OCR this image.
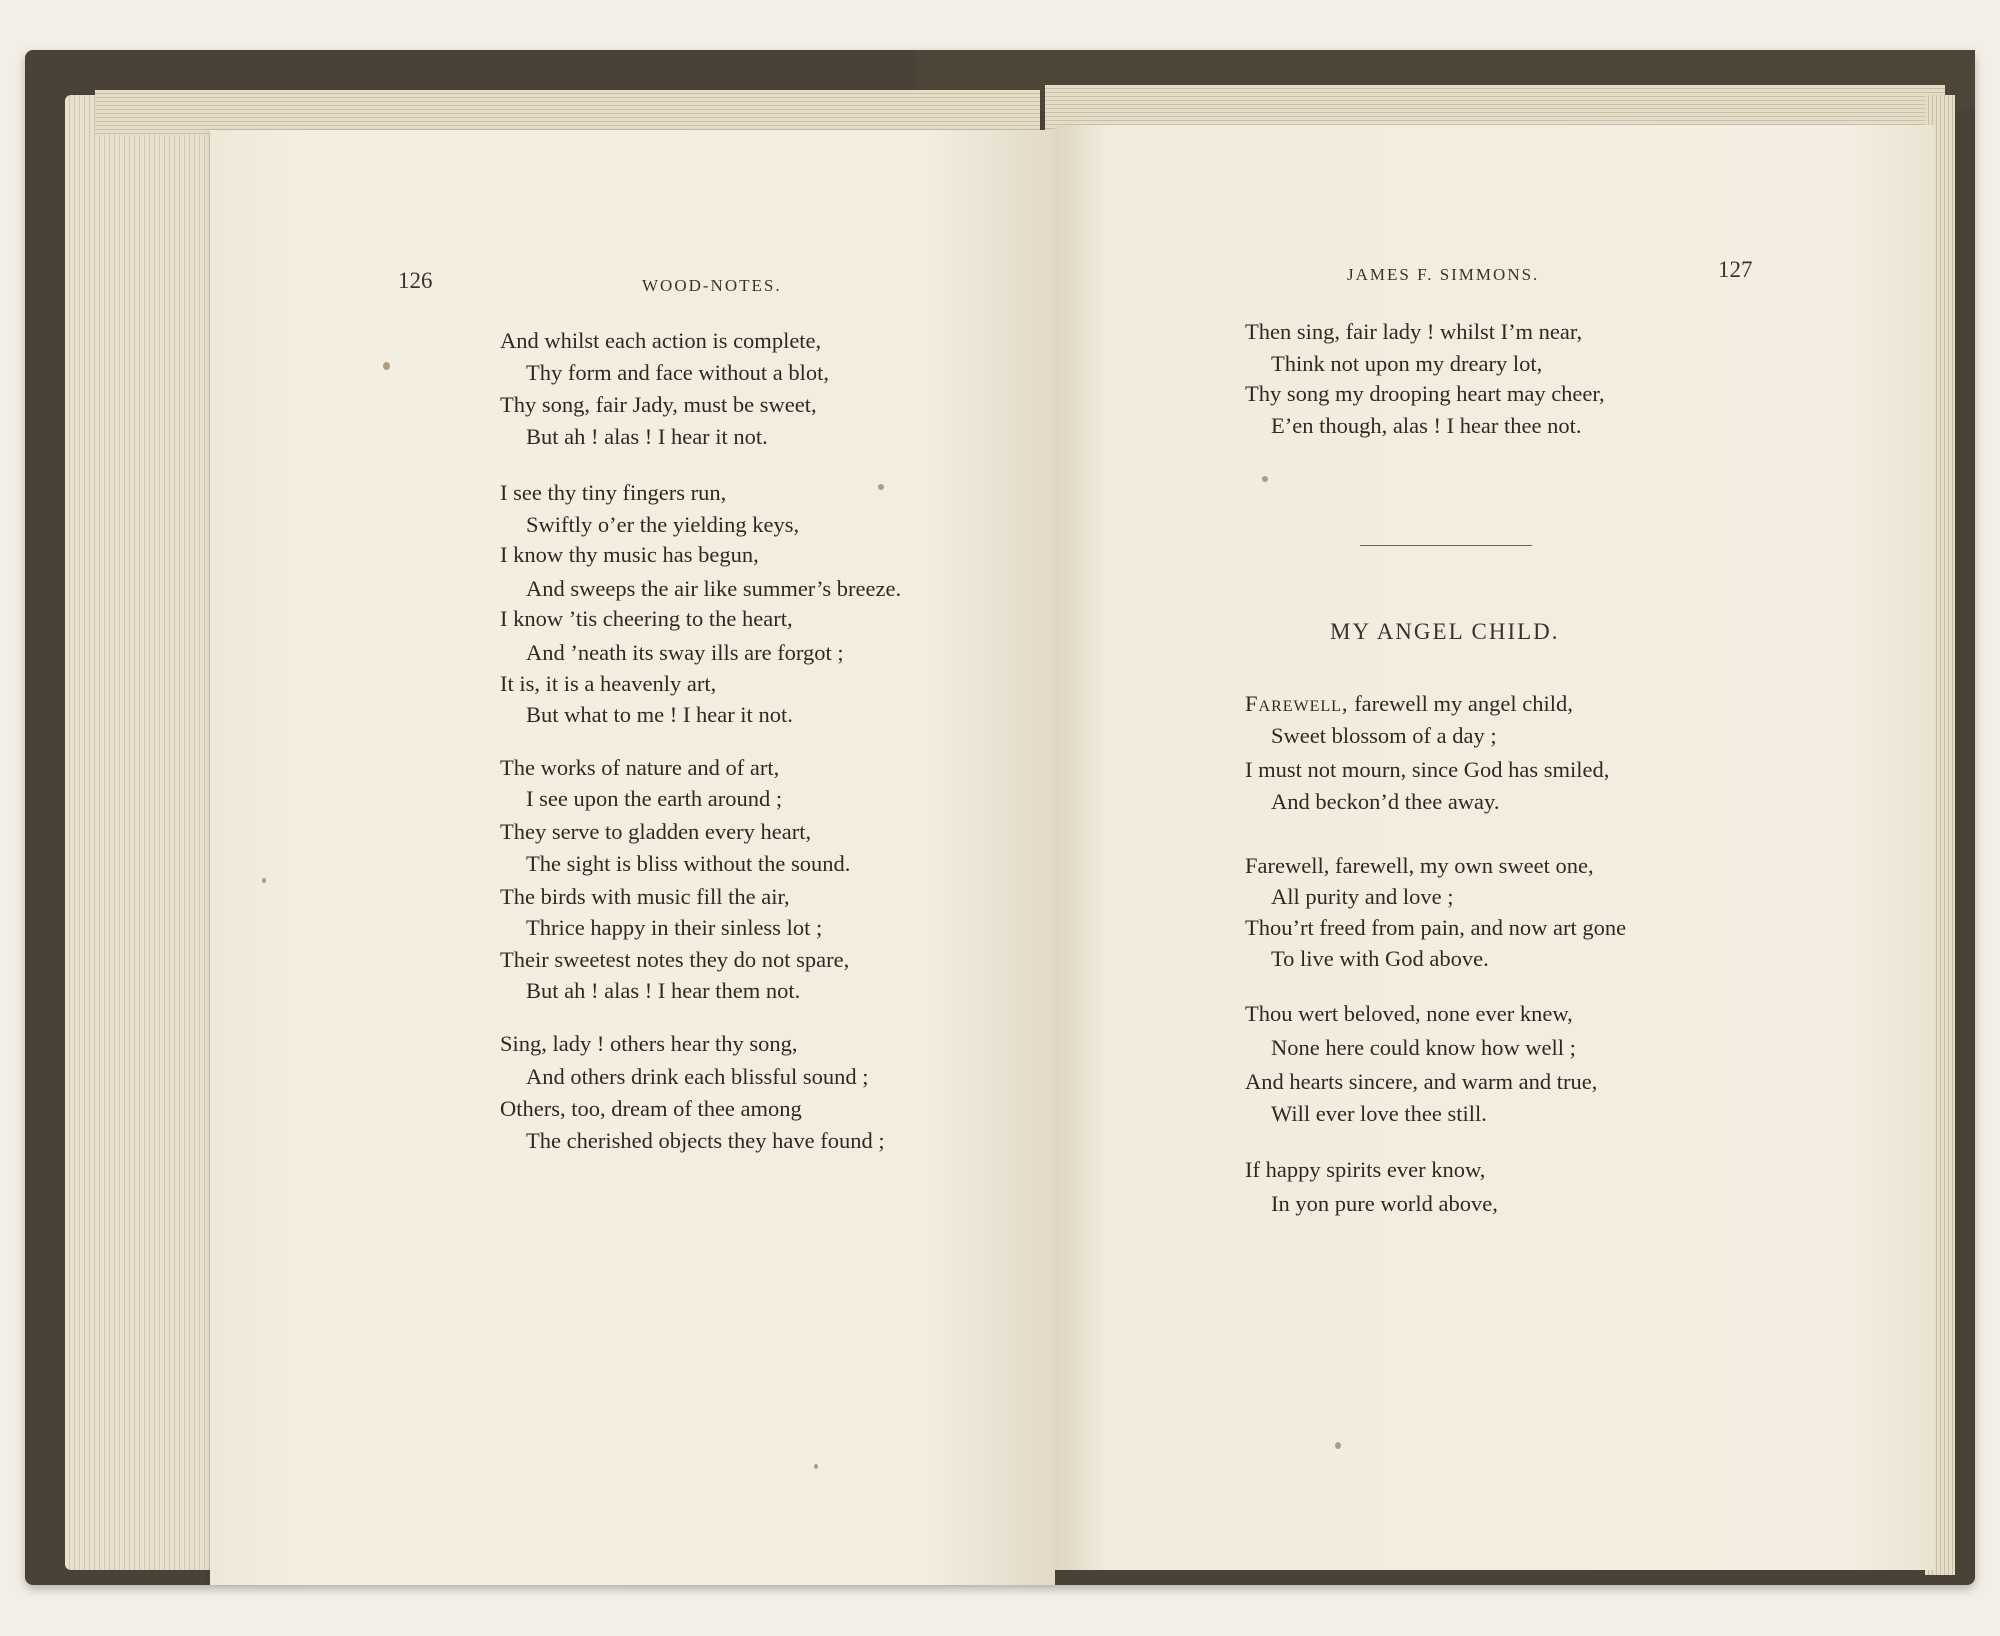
126	WOOD-NOTES.
And whilst each action is complete,
Thy form and face without a blot,
Thy song, fair Jady, must be sweet,
But ah ! alas ! I hear it not.
I see thy tiny fingers run,
Swiftly o’er the yielding keys,
I know thy music has begun,
And sweeps the air like summer’s breeze.
I know ’tis cheering to the heart,
And ’neath its sway ills are forgot ;
It is, it is a heavenly art,
But what to me ! I hear it not.
The works of nature and of art,
I see upon the earth around ;
They serve to gladden every heart,
The sight is bliss without the sound.
The birds with music fill the air,
Thrice happy in their sinless lot ;
Their sweetest notes they do not spare,
But ah ! alas ! I hear them not.
Sing, lady ! others hear thy song,
And others drink each blissful sound ;
Others, too, dream of thee among
The cherished objects they have found ;
JAMES F. SIMMONS.	127
Then sing, fair lady ! whilst I’m near,
Think not upon my dreary lot,
Thy song my drooping heart may cheer,
E’en though, alas ! I hear thee not.
MY ANGEL CHILD.
Farewell, farewell my angel child,
Sweet blossom of a day ;
I must not mourn, since God has smiled,
And beckon’d thee away.
Farewell, farewell, my own sweet one,
All purity and love ;
Thou’rt freed from pain, and now art gone
To live with God above.
Thou wert beloved, none ever knew,
None here could know how well ;
And hearts sincere, and warm and true,
Will ever love thee still.
If happy spirits ever know,
In yon pure world above,
